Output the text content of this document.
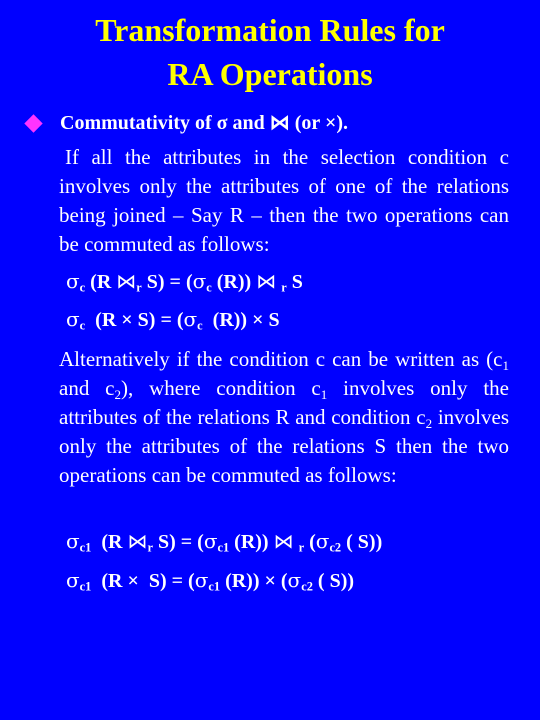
Transformation Rules for
RA Operations
Commutativity of σ and ⋈ (or ×).
If all the attributes in the selection condition c involves only the attributes of one of the relations being joined – Say R – then the two operations can be commuted as follows:
$\sigma_c$ (R $⋈_r$ $S) = (\sigma_c$ (R)) ⋈ $_r$ S
$\sigma_c$  $(R \times S) = (\sigma_c$  (R)) × S
Alternatively if the condition c can be written as ($c_1$ and $c_2$), where condition $c_1$ involves only the attributes of the relations R and condition $c_2$ involves only the attributes of the relations S then the two operations can be commuted as follows:
$\sigma_{c1}$  (R $⋈_r$ $S) = (\sigma_{c1}$ (R)) ⋈ $_r$ ($\sigma_{c2}$ ( S))
$\sigma_{c1}$  $(R \times S) = (\sigma_{c1}$ $(R)) \times (\sigma_{c2}$ ( S))
